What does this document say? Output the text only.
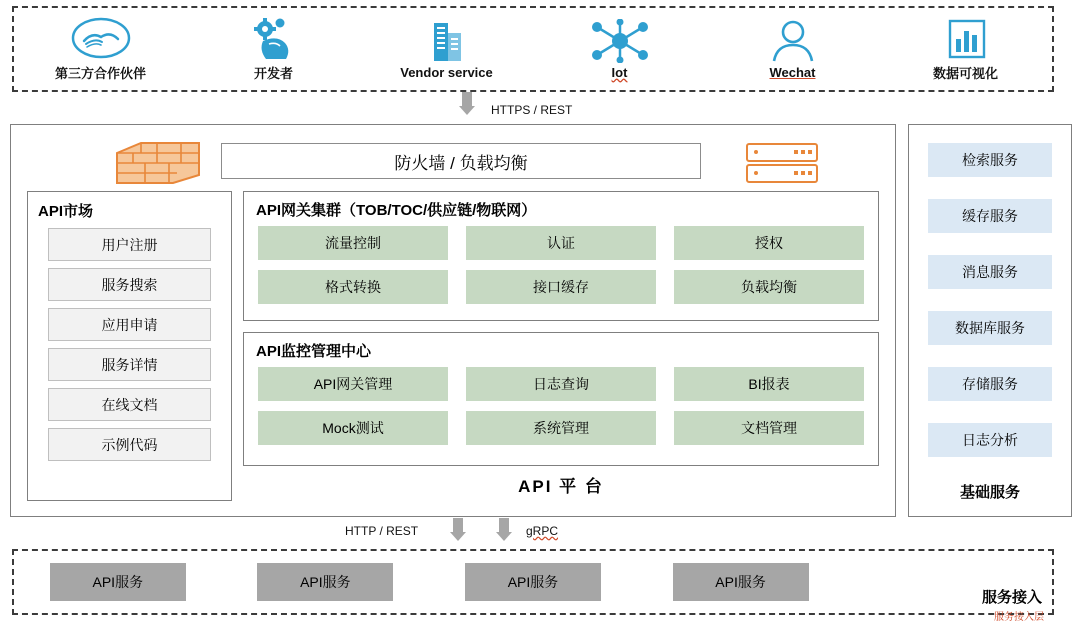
第三方合作伙伴	开发者	Vendor service	Iot	Wechat	数据可视化
HTTPS / REST
防火墙 / 负载均衡
API市场
用户注册
服务搜索
应用申请
服务详情
在线文档
示例代码
API网关集群（TOB/TOC/供应链/物联网）
流量控制	认证	授权
格式转换	接口缓存	负载均衡
API监控管理中心
API网关管理	日志查询	BI报表
Mock测试	系统管理	文档管理
API 平 台
检索服务
缓存服务
消息服务
数据库服务
存储服务
日志分析
基础服务
HTTP / REST	gRPC
API服务	API服务	API服务	API服务
服务接入
服务接入层
